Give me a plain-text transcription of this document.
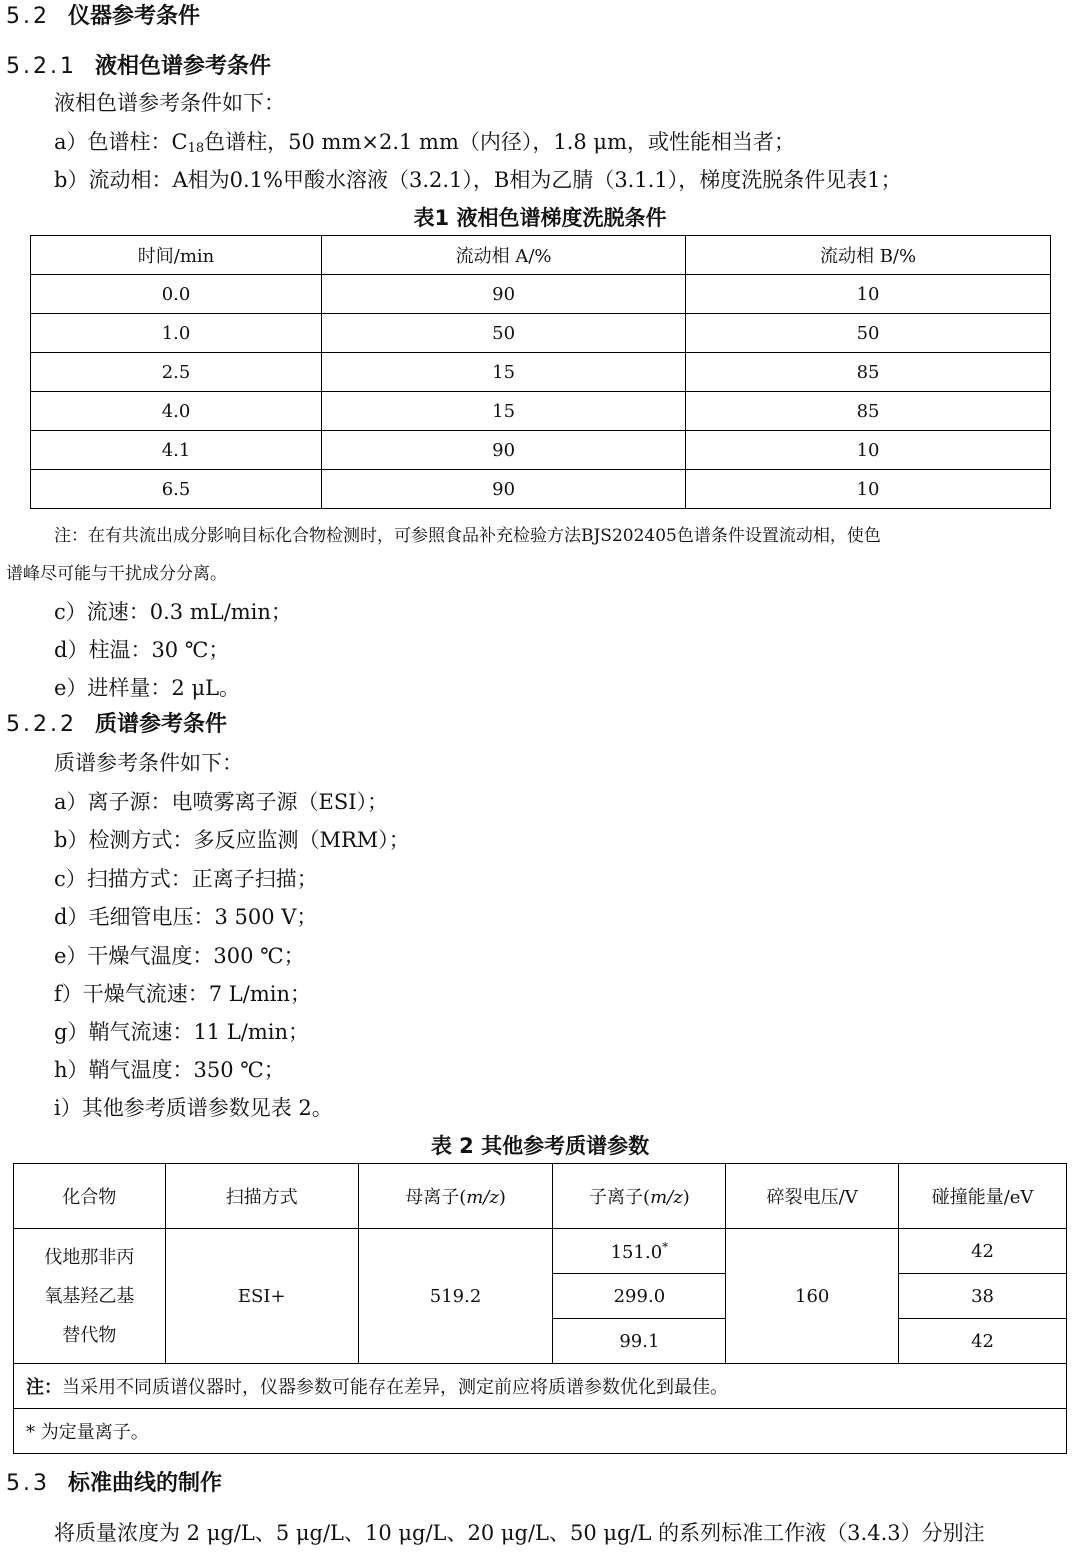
5.2 仪器参考条件
5.2.1 液相色谱参考条件
液相色谱参考条件如下：
a）色谱柱：$C_{18}$色谱柱，50 mm×2.1 mm（内径），1.8 μm，或性能相当者；
b）流动相：A相为0.1%甲酸水溶液（3.2.1），B相为乙腈（3.1.1），梯度洗脱条件见表1；
表1 液相色谱梯度洗脱条件
时间/min	流动相 A/%	流动相 B/%
0.0	90	10
1.0	50	50
2.5	15	85
4.0	15	85
4.1	90	10
6.5	90	10
注：在有共流出成分影响目标化合物检测时，可参照食品补充检验方法BJS202405色谱条件设置流动相，使色
谱峰尽可能与干扰成分分离。
c）流速：0.3 mL/min；
d）柱温：30 ℃；
e）进样量：2 μL。
5.2.2 质谱参考条件
质谱参考条件如下：
a）离子源：电喷雾离子源（ESI）；
b）检测方式：多反应监测（MRM）；
c）扫描方式：正离子扫描；
d）毛细管电压：3 500 V；
e）干燥气温度：300 ℃；
f）干燥气流速：7 L/min；
g）鞘气流速：11 L/min；
h）鞘气温度：350 ℃；
i）其他参考质谱参数见表 2。
表 2 其他参考质谱参数
化合物	扫描方式	母离子(m/z)	子离子(m/z)	碎裂电压/V	碰撞能量/eV

伐地那非丙
氧基羟乙基
替代物	ESI+	519.2	151.0*	160	42
			299.0		38
			99.1		42
注：当采用不同质谱仪器时，仪器参数可能存在差异，测定前应将质谱参数优化到最佳。					
* 为定量离子。					
5.3 标准曲线的制作
将质量浓度为 2 μg/L、5 μg/L、10 μg/L、20 μg/L、50 μg/L 的系列标准工作液（3.4.3）分别注
